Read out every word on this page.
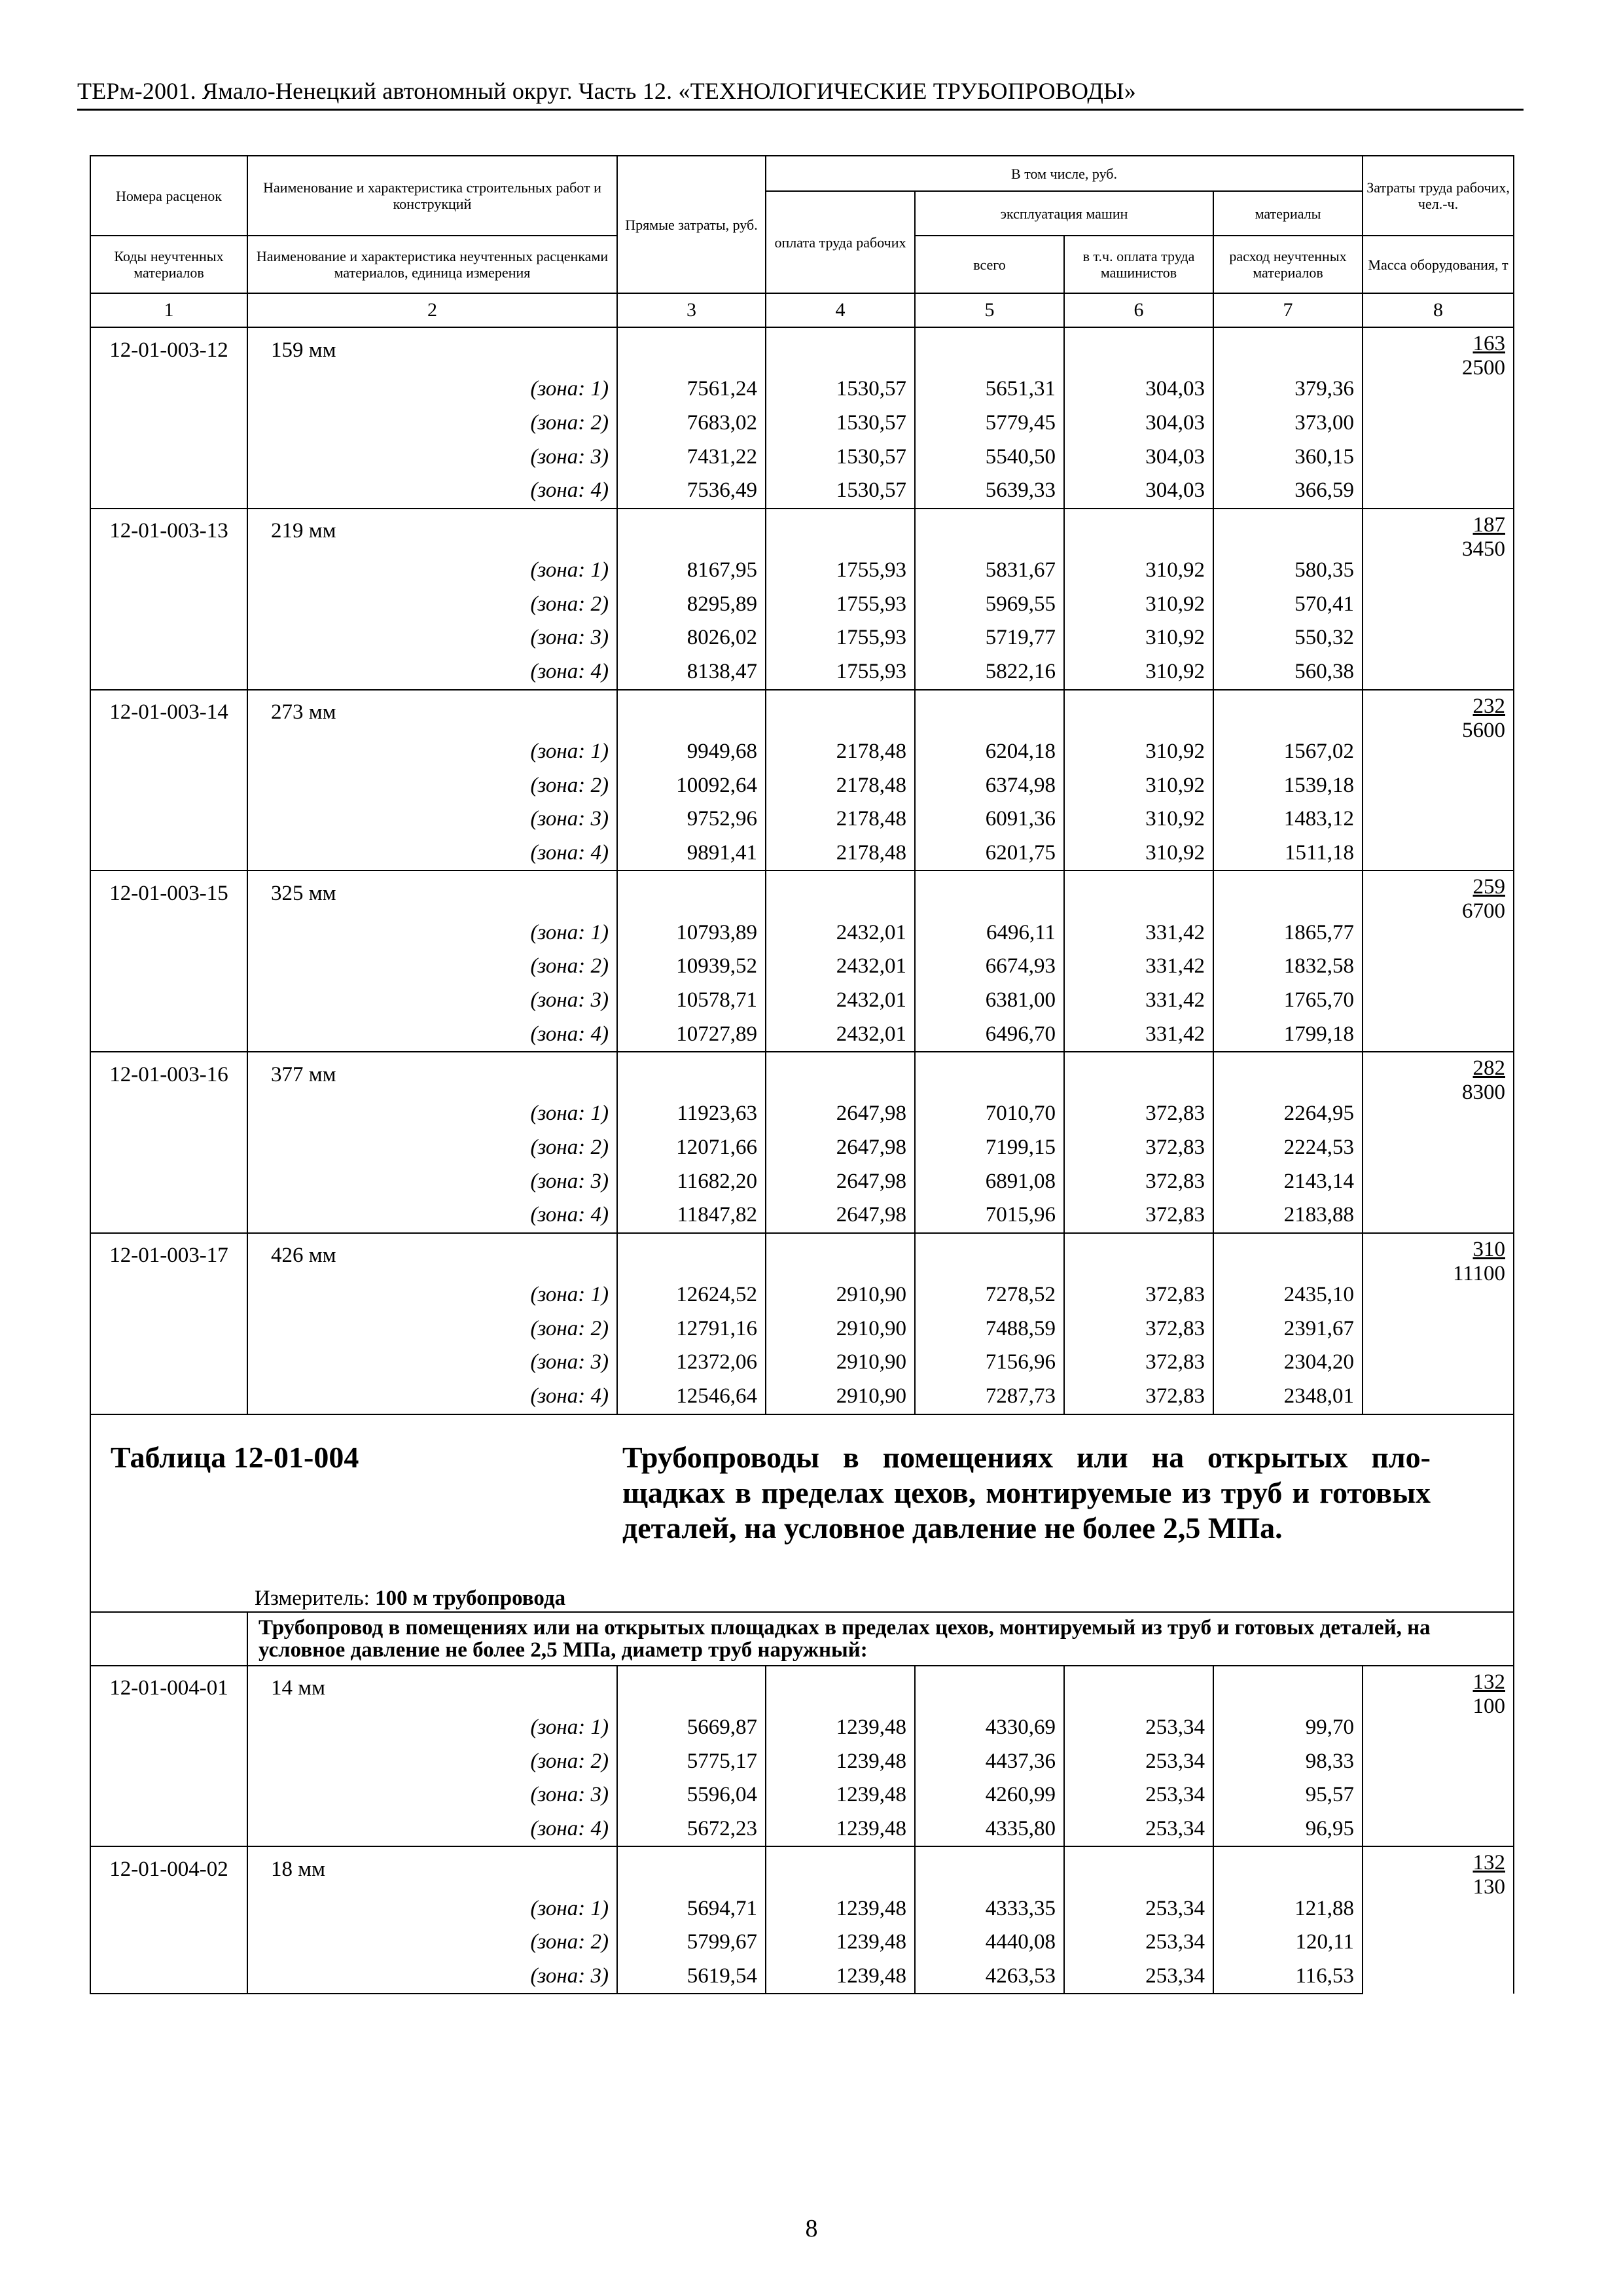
ТЕРм-2001. Ямало-Ненецкий автономный округ. Часть 12. «ТЕХНОЛОГИЧЕСКИЕ ТРУБОПРОВОДЫ»
Номера расценок	Наименование и характеристика строительных работ и конструкций	Прямые затраты, руб.	В том числе, руб.				Затраты труда рабочих, чел.-ч.
			оплата труда рабочих	эксплуатация машин		материалы	
Коды неучтенных материалов	Наименование и характеристика неучтенных расценками материалов, единица измерения			всего	в т.ч. оплата труда машинистов	расход неучтенных материалов	Масса оборудования, т
1	2	3	4	5	6	7	8
12-01-003-12	159 мм						163
2500

	(зона: 1)	7561,24	1530,57	5651,31	304,03	379,36	
	(зона: 2)	7683,02	1530,57	5779,45	304,03	373,00	
	(зона: 3)	7431,22	1530,57	5540,50	304,03	360,15	
	(зона: 4)	7536,49	1530,57	5639,33	304,03	366,59	
12-01-003-13	219 мм						187
3450

	(зона: 1)	8167,95	1755,93	5831,67	310,92	580,35	
	(зона: 2)	8295,89	1755,93	5969,55	310,92	570,41	
	(зона: 3)	8026,02	1755,93	5719,77	310,92	550,32	
	(зона: 4)	8138,47	1755,93	5822,16	310,92	560,38	
12-01-003-14	273 мм						232
5600

	(зона: 1)	9949,68	2178,48	6204,18	310,92	1567,02	
	(зона: 2)	10092,64	2178,48	6374,98	310,92	1539,18	
	(зона: 3)	9752,96	2178,48	6091,36	310,92	1483,12	
	(зона: 4)	9891,41	2178,48	6201,75	310,92	1511,18	
12-01-003-15	325 мм						259
6700

	(зона: 1)	10793,89	2432,01	6496,11	331,42	1865,77	
	(зона: 2)	10939,52	2432,01	6674,93	331,42	1832,58	
	(зона: 3)	10578,71	2432,01	6381,00	331,42	1765,70	
	(зона: 4)	10727,89	2432,01	6496,70	331,42	1799,18	
12-01-003-16	377 мм						282
8300

	(зона: 1)	11923,63	2647,98	7010,70	372,83	2264,95	
	(зона: 2)	12071,66	2647,98	7199,15	372,83	2224,53	
	(зона: 3)	11682,20	2647,98	6891,08	372,83	2143,14	
	(зона: 4)	11847,82	2647,98	7015,96	372,83	2183,88	
12-01-003-17	426 мм						310
11100

	(зона: 1)	12624,52	2910,90	7278,52	372,83	2435,10	
	(зона: 2)	12791,16	2910,90	7488,59	372,83	2391,67	
	(зона: 3)	12372,06	2910,90	7156,96	372,83	2304,20	
	(зона: 4)	12546,64	2910,90	7287,73	372,83	2348,01	

Таблица 12-01-004 Трубопроводы в помещениях или на открытых пло-щадках в пределах цехов, монтируемые из труб и готовых деталей, на условное давление не более 2,5 МПа.
Измеритель: 100 м трубопровода							

	Трубопровод в помещениях или на открытых площадках в пределах цехов, монтируемый из труб и готовых деталей, на условное давление не более 2,5 МПа, диаметр труб наружный:						
12-01-004-01	14 мм						132
100

	(зона: 1)	5669,87	1239,48	4330,69	253,34	99,70	
	(зона: 2)	5775,17	1239,48	4437,36	253,34	98,33	
	(зона: 3)	5596,04	1239,48	4260,99	253,34	95,57	
	(зона: 4)	5672,23	1239,48	4335,80	253,34	96,95	
12-01-004-02	18 мм						132
130

	(зона: 1)	5694,71	1239,48	4333,35	253,34	121,88	
	(зона: 2)	5799,67	1239,48	4440,08	253,34	120,11	
	(зона: 3)	5619,54	1239,48	4263,53	253,34	116,53	
8
